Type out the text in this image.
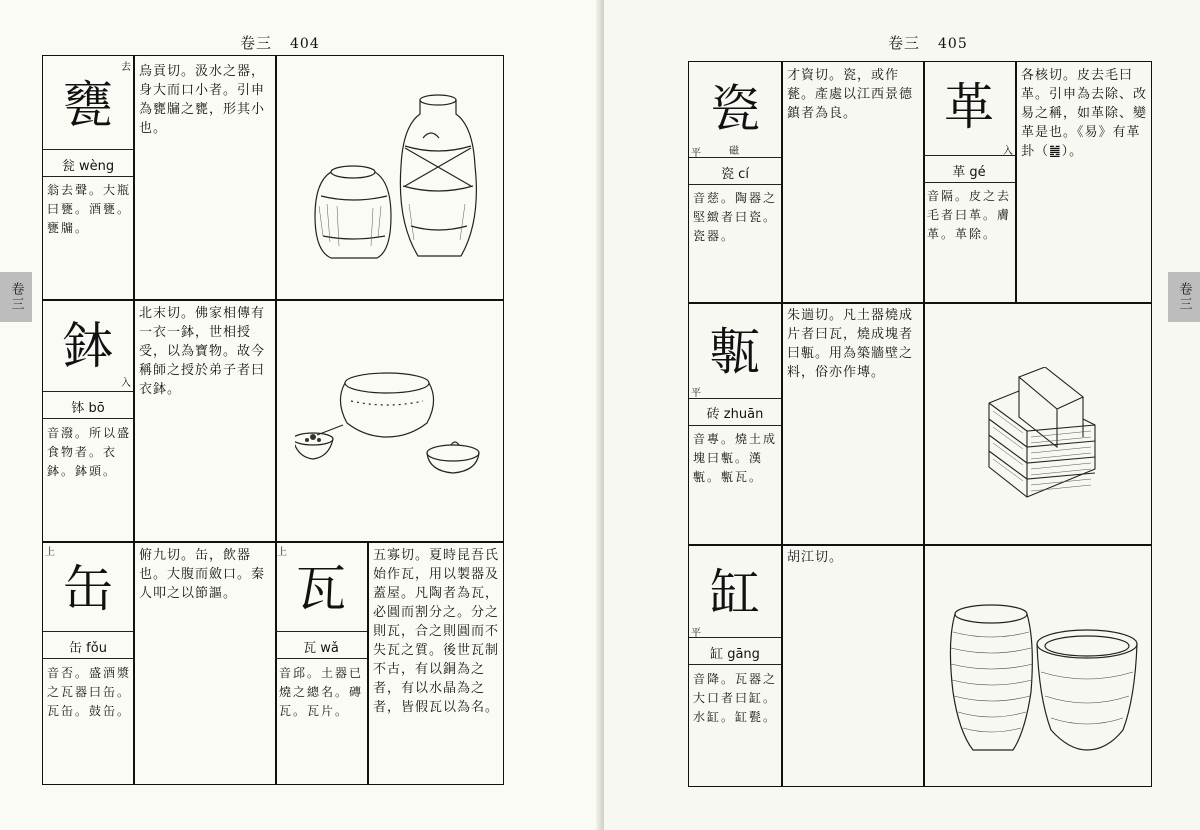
卷三 404
去
甕
瓮 wèng
翁去聲。大瓶曰甕。酒甕。甕牖。
烏貢切。汲水之器，身大而口小者。引申為甕牖之甕，形其小也。
入
鉢
钵 bō
音潑。所以盛食物者。衣鉢。鉢頭。
北末切。佛家相傳有一衣一鉢，世相授受，以為寶物。故今稱師之授於弟子者曰衣鉢。
上
缶
缶 fǒu
音否。盛酒漿之瓦器曰缶。瓦缶。鼓缶。
俯九切。缶，飲器也。大腹而斂口。秦人叩之以節謳。
上
瓦
瓦 wǎ
音邱。土器已燒之總名。磚瓦。瓦片。
五寡切。夏時昆吾氏始作瓦，用以製器及蓋屋。凡陶者為瓦，必圓而割分之。分之則瓦，合之則圓而不失瓦之質。後世瓦制不古，有以銅為之者，有以水晶為之者，皆假瓦以為名。
卷三
卷三 405
瓷
平	磁
瓷 cí
音慈。陶器之堅緻者曰瓷。瓷器。
才資切。瓷，或作甆。產處以江西景德鎮者為良。	革
入
革 gé
音隔。皮之去毛者曰革。膚革。革除。
各核切。皮去毛曰革。引申為去除、改易之稱，如革除、變革是也。《易》有革卦（䷰）。
甎
平
砖 zhuān
音專。燒土成塊曰甎。漢甎。甎瓦。
朱遄切。凡土器燒成片者曰瓦，燒成塊者曰甎。用為築牆壁之料，俗亦作塼。
缸
平
缸 gāng
音降。瓦器之大口者曰缸。水缸。缸甏。
胡江切。
卷三
